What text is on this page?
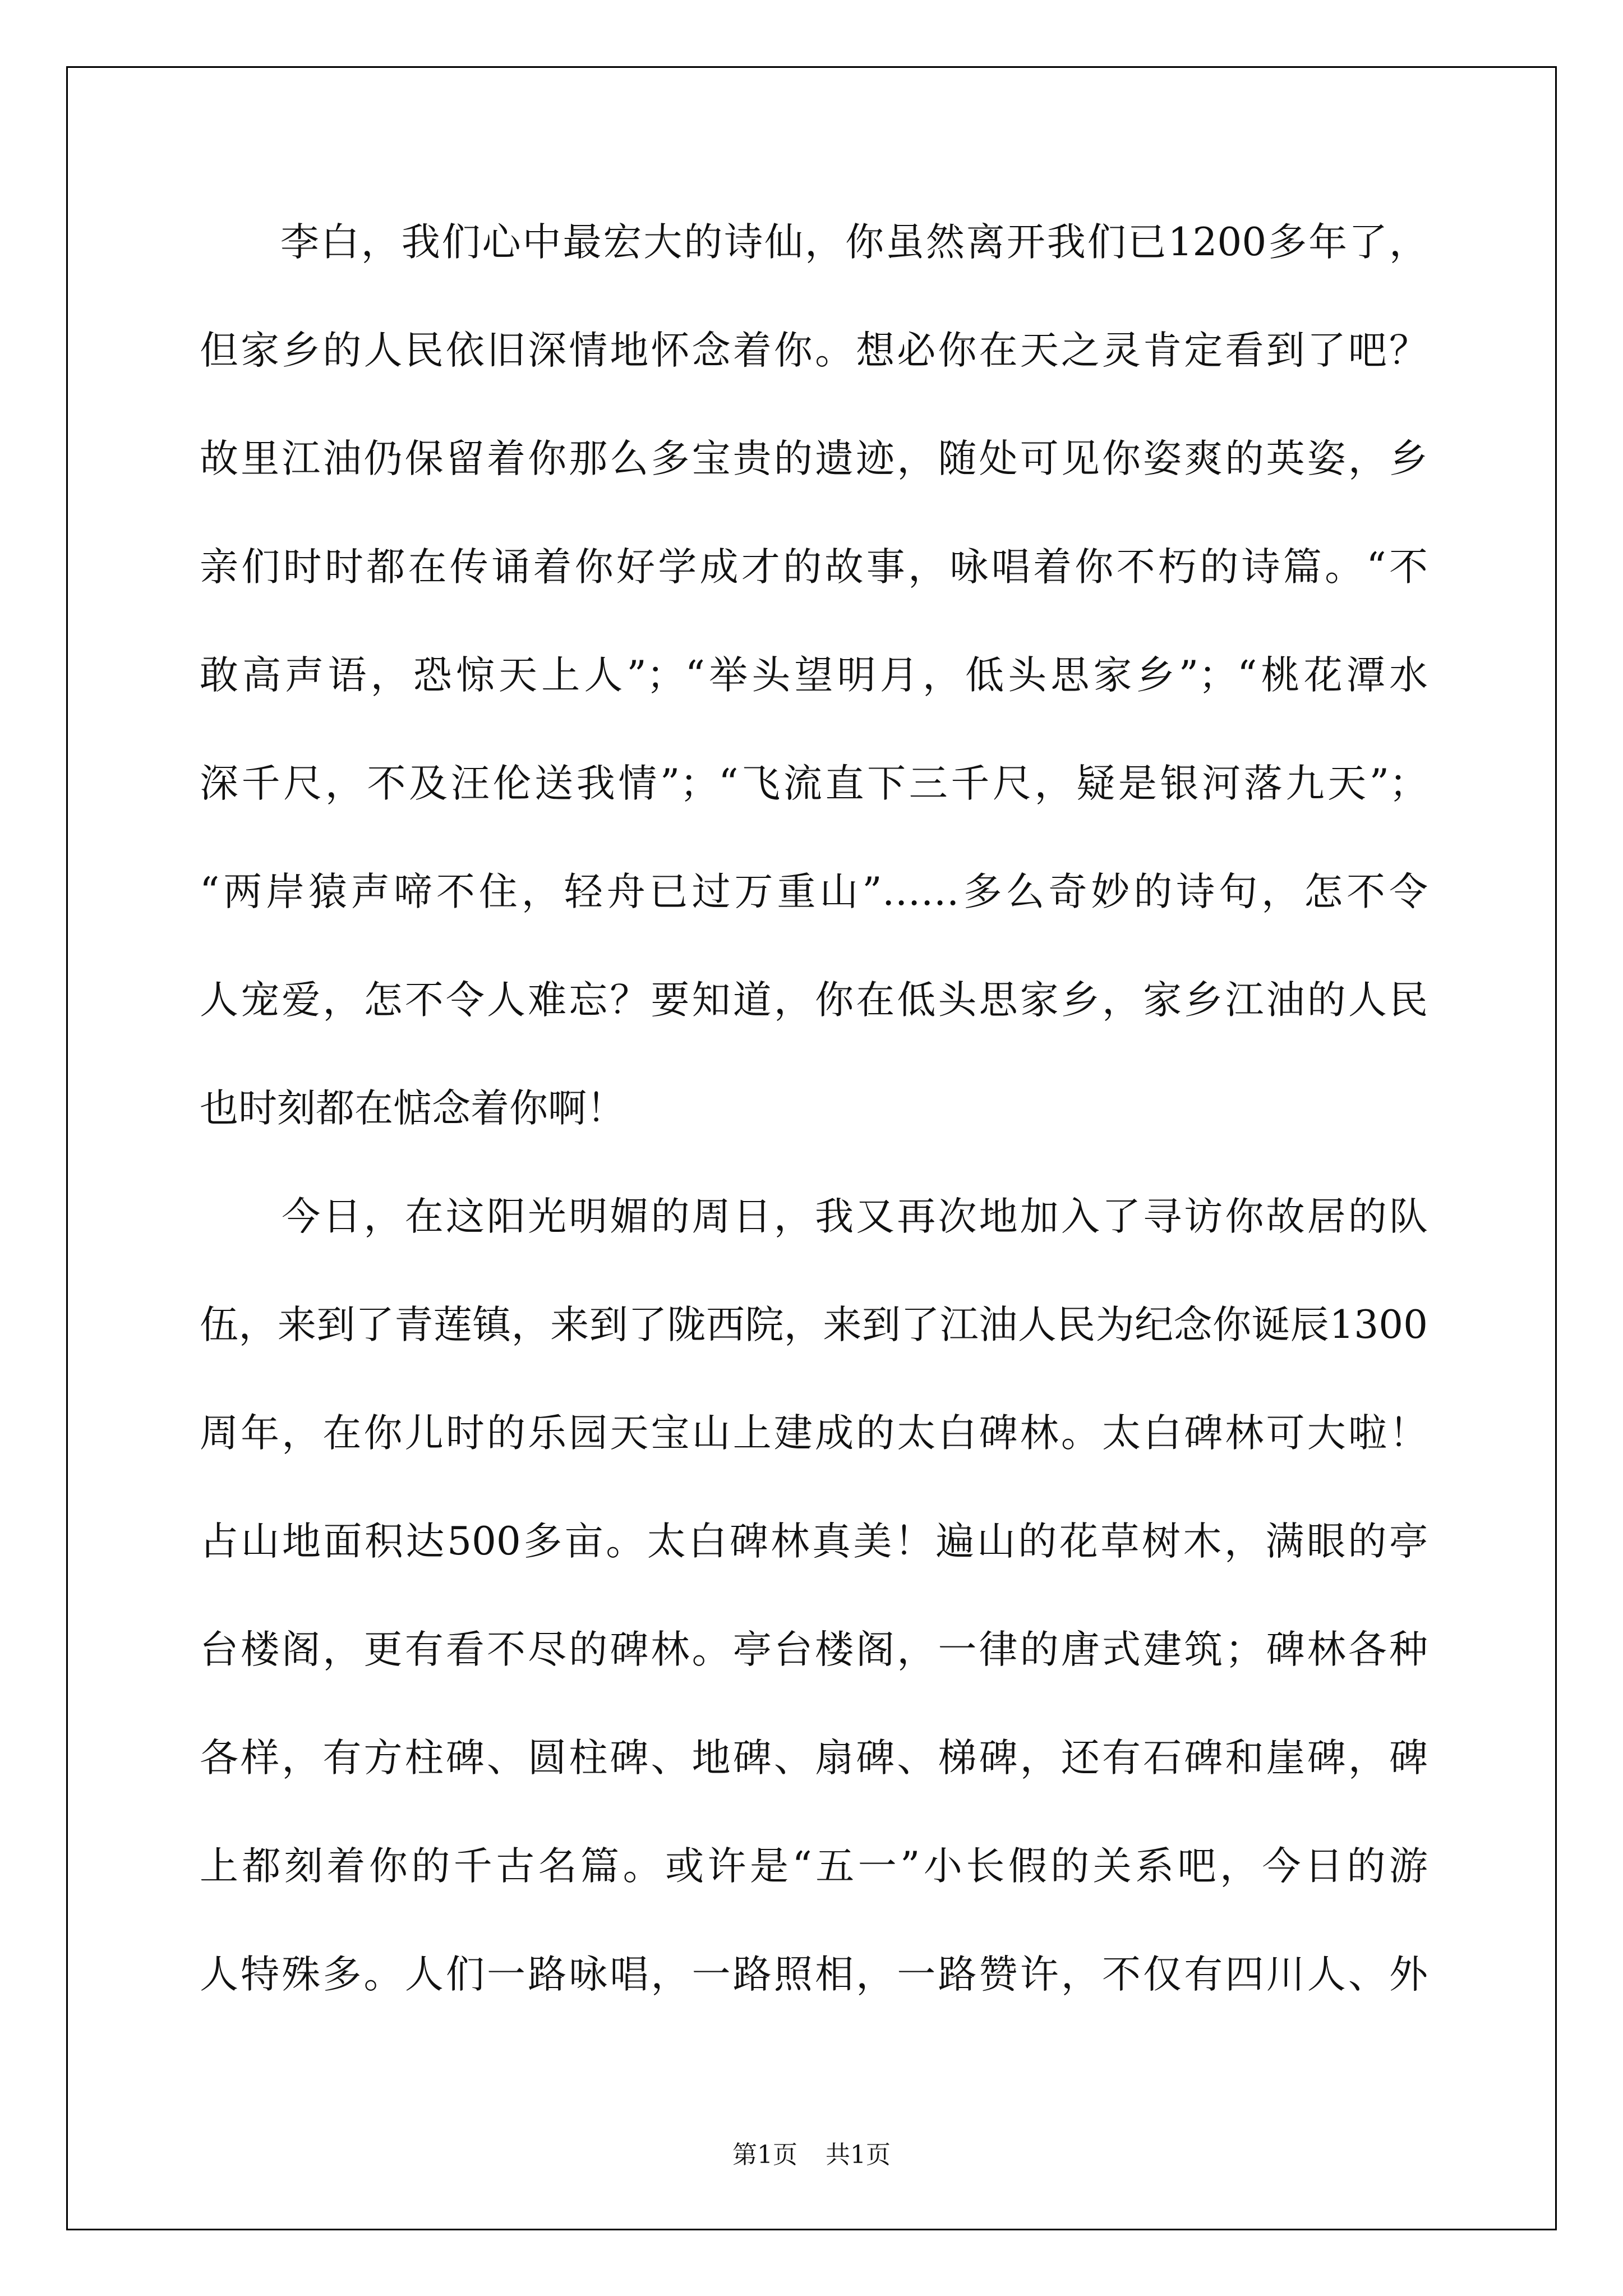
　　李白，我们心中最宏大的诗仙，你虽然离开我们已1200多年了，
但家乡的人民依旧深情地怀念着你。想必你在天之灵肯定看到了吧？
故里江油仍保留着你那么多宝贵的遗迹，随处可见你姿爽的英姿，乡
亲们时时都在传诵着你好学成才的故事，咏唱着你不朽的诗篇。“不
敢高声语，恐惊天上人”；“举头望明月，低头思家乡”；“桃花潭水
深千尺，不及汪伦送我情”；“飞流直下三千尺，疑是银河落九天”；
“两岸猿声啼不住，轻舟已过万重山”……多么奇妙的诗句，怎不令
人宠爱，怎不令人难忘？要知道，你在低头思家乡，家乡江油的人民
也时刻都在惦念着你啊！
　　今日，在这阳光明媚的周日，我又再次地加入了寻访你故居的队
伍，来到了青莲镇，来到了陇西院，来到了江油人民为纪念你诞辰1300
周年，在你儿时的乐园天宝山上建成的太白碑林。太白碑林可大啦！
占山地面积达500多亩。太白碑林真美！遍山的花草树木，满眼的亭
台楼阁，更有看不尽的碑林。亭台楼阁，一律的唐式建筑；碑林各种
各样，有方柱碑、圆柱碑、地碑、扇碑、梯碑，还有石碑和崖碑，碑
上都刻着你的千古名篇。或许是“五一”小长假的关系吧，今日的游
人特殊多。人们一路咏唱，一路照相，一路赞许，不仅有四川人、外
第1页 共1页
